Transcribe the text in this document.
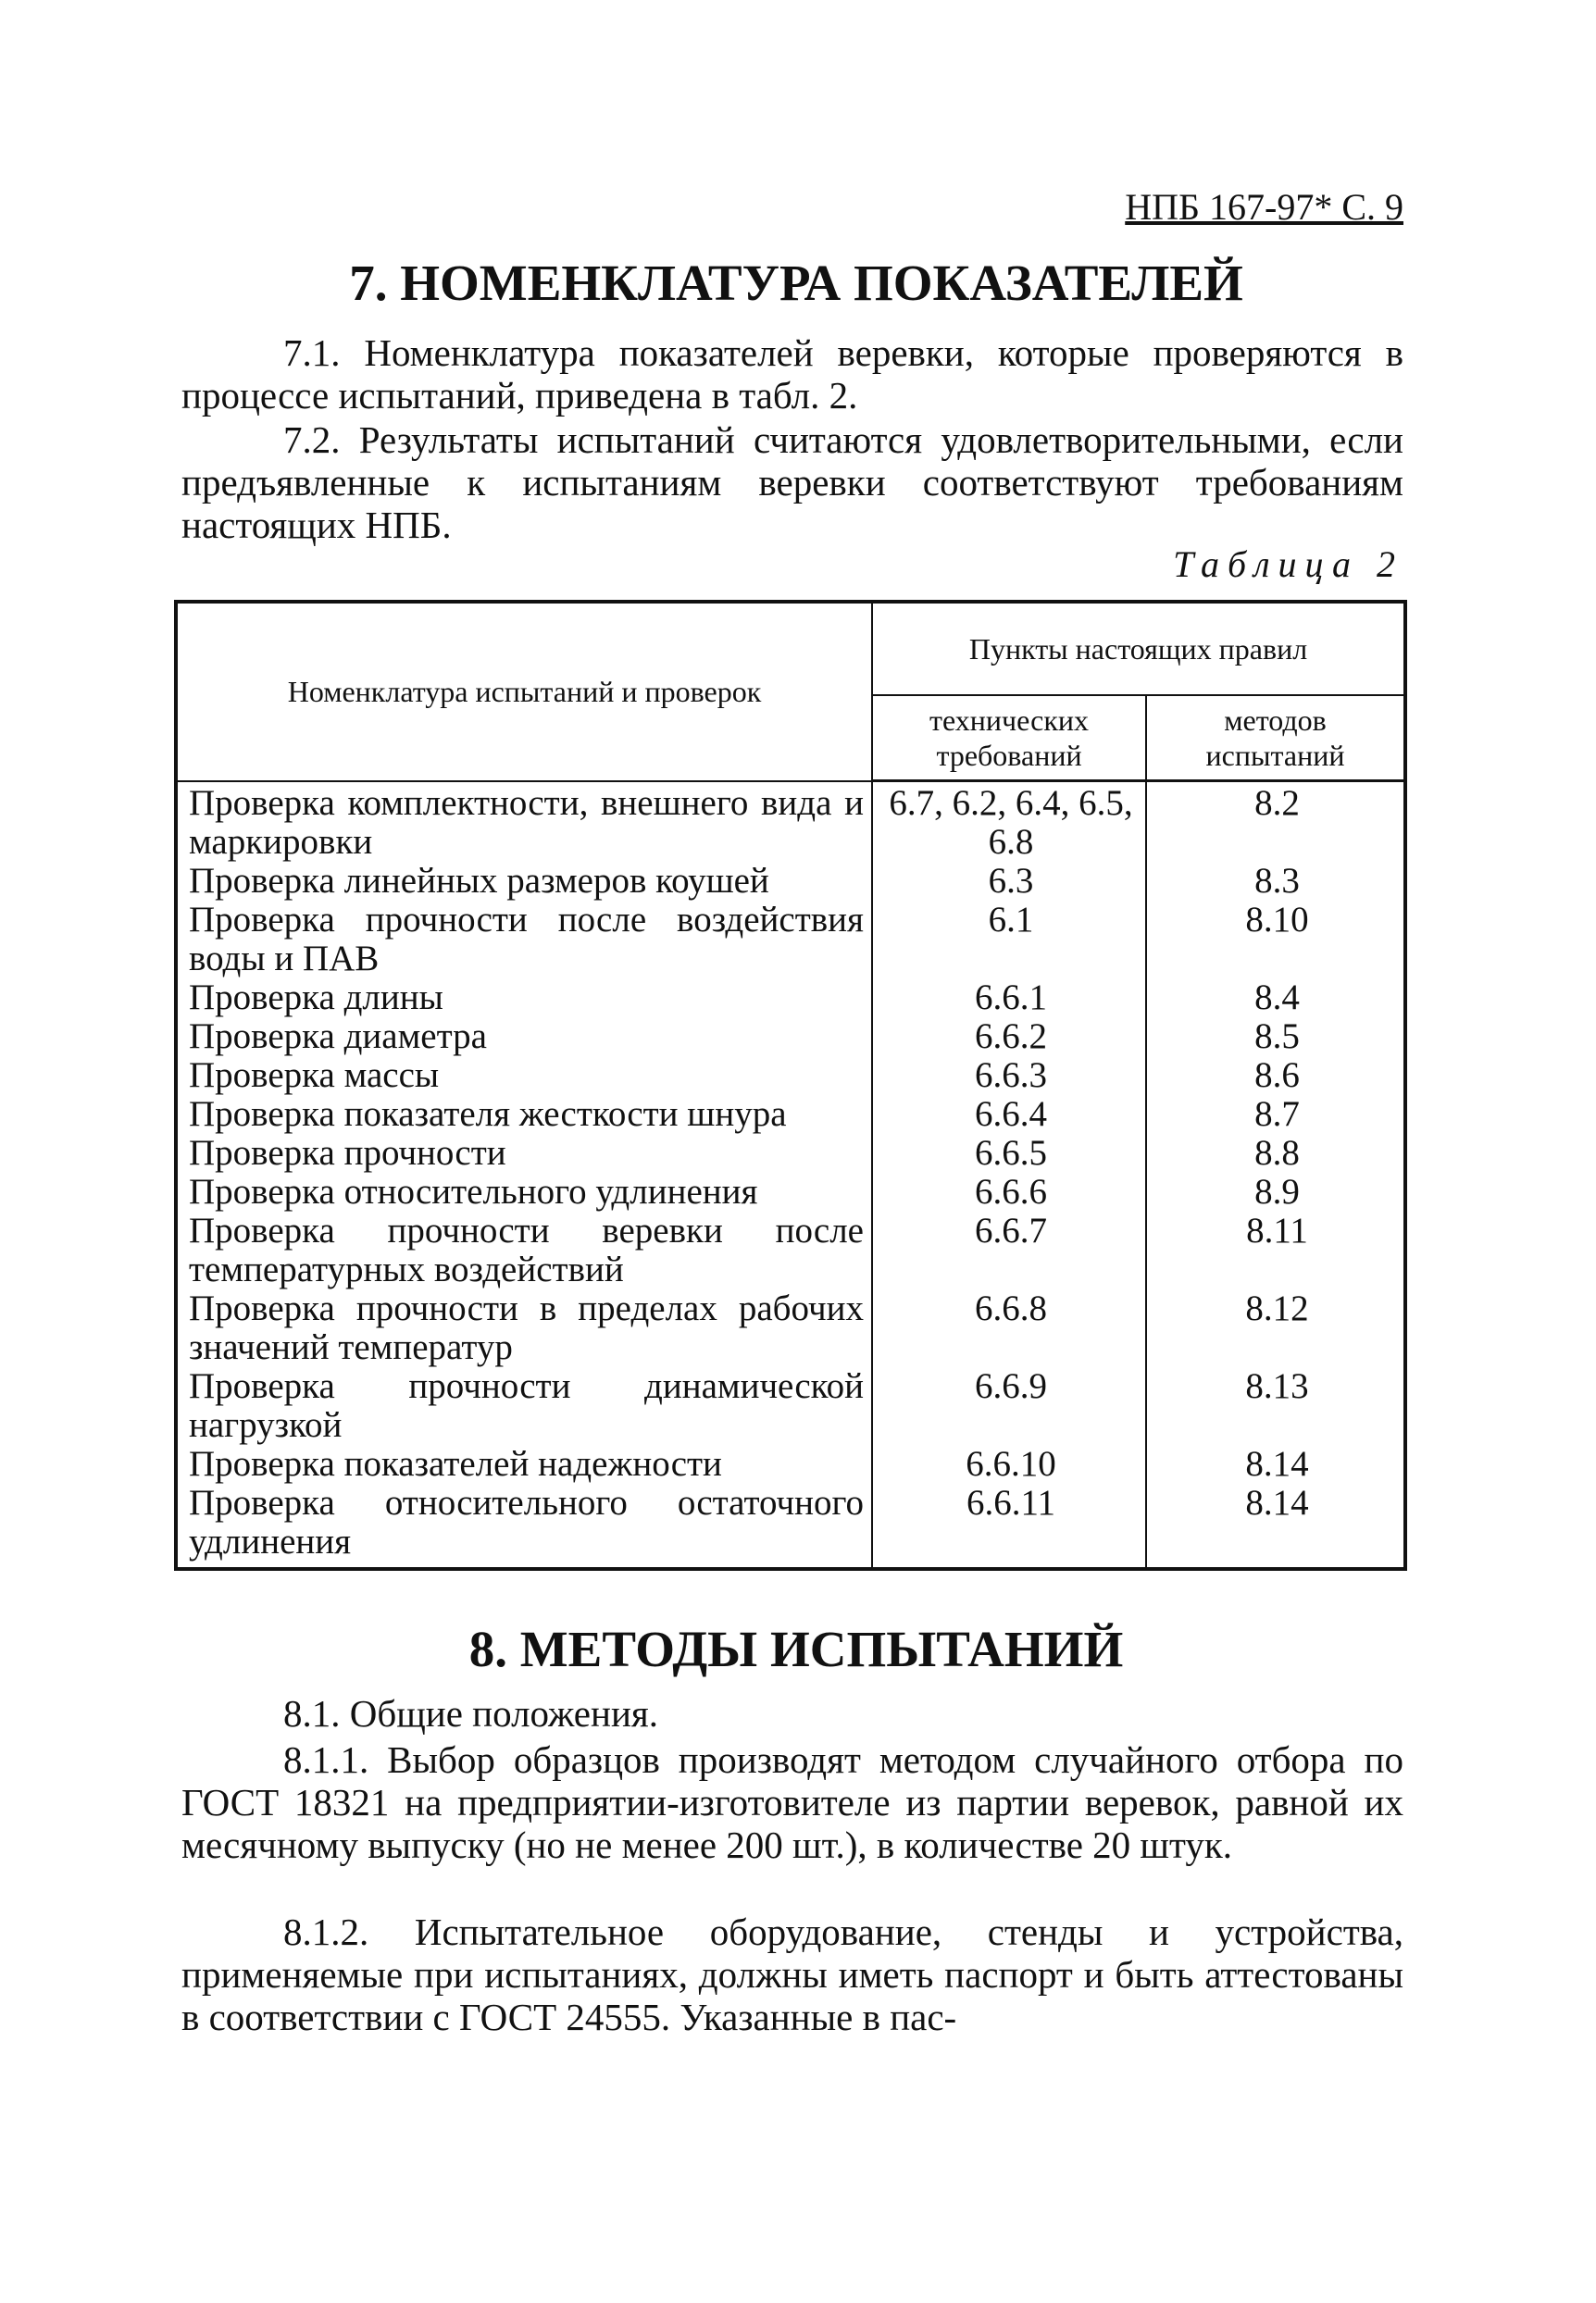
НПБ 167-97* С. 9
7. НОМЕНКЛАТУРА ПОКАЗАТЕЛЕЙ
7.1. Номенклатура показателей веревки, которые проверяются в процессе испытаний, приведена в табл. 2.
7.2. Результаты испытаний считаются удовлетворительными, если предъявленные к испытаниям веревки соответствуют требованиям настоящих НПБ.
Таблица 2
Номенклатура испытаний и проверок	Пункты настоящих правил	
	технических требований	методов испытаний
Проверка комплектности, внешнего вида и маркировки	6.7, 6.2, 6.4, 6.5, 6.8	8.2
Проверка линейных размеров коушей	6.3	8.3
Проверка прочности после воздействия воды и ПАВ	6.1	8.10
Проверка длины	6.6.1	8.4
Проверка диаметра	6.6.2	8.5
Проверка массы	6.6.3	8.6
Проверка показателя жесткости шнура	6.6.4	8.7
Проверка прочности	6.6.5	8.8
Проверка относительного удлинения	6.6.6	8.9
Проверка прочности веревки после температурных воздействий	6.6.7	8.11
Проверка прочности в пределах рабочих значений температур	6.6.8	8.12
Проверка прочности динамической нагрузкой	6.6.9	8.13
Проверка показателей надежности	6.6.10	8.14
Проверка относительного остаточного удлинения	6.6.11	8.14
8. МЕТОДЫ ИСПЫТАНИЙ
8.1. Общие положения.
8.1.1. Выбор образцов производят методом случайного отбора по ГОСТ 18321 на предприятии-изготовителе из партии веревок, равной их месячному выпуску (но не менее 200 шт.), в количестве 20 штук.
8.1.2. Испытательное оборудование, стенды и устройства, применяемые при испытаниях, должны иметь паспорт и быть аттестованы в соответствии с ГОСТ 24555. Указанные в пас-
